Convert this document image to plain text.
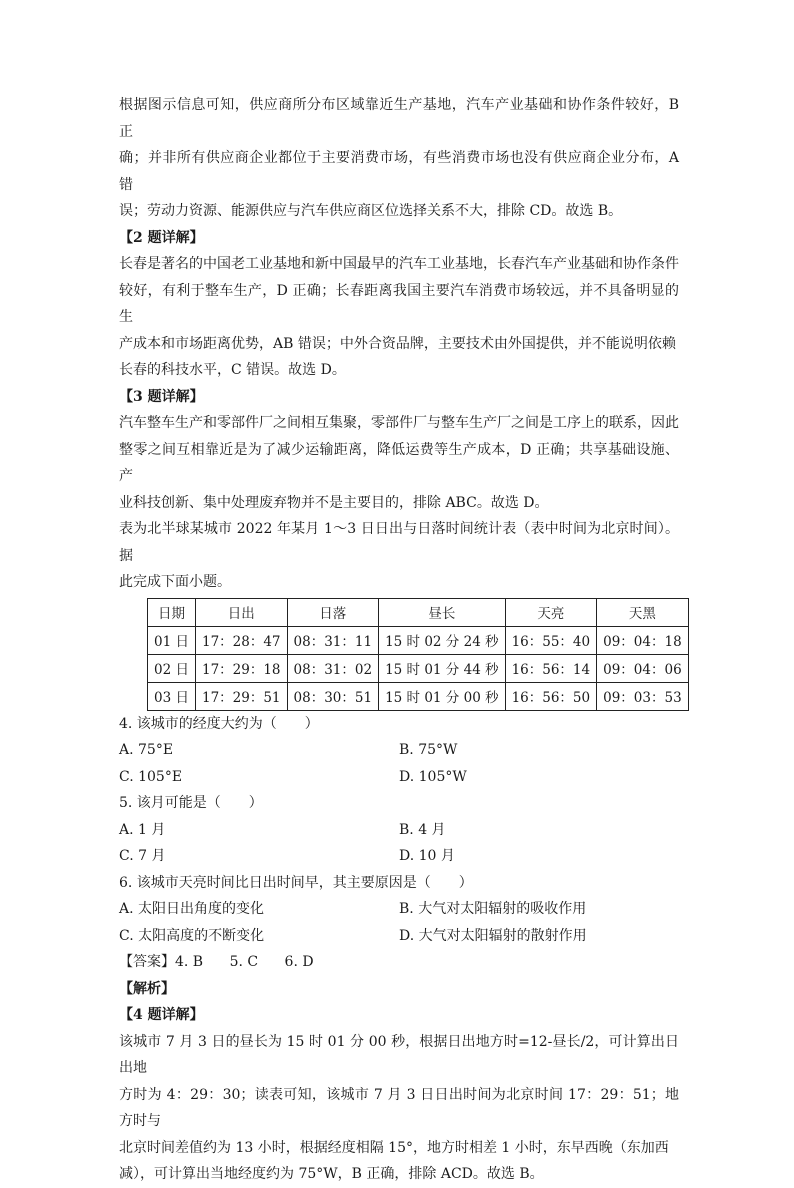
根据图示信息可知，供应商所分布区域靠近生产基地，汽车产业基础和协作条件较好，B 正

确；并非所有供应商企业都位于主要消费市场，有些消费市场也没有供应商企业分布，A 错

误；劳动力资源、能源供应与汽车供应商区位选择关系不大，排除 CD。故选 B。

【2 题详解】

长春是著名的中国老工业基地和新中国最早的汽车工业基地，长春汽车产业基础和协作条件

较好，有利于整车生产，D 正确；长春距离我国主要汽车消费市场较远，并不具备明显的生

产成本和市场距离优势，AB 错误；中外合资品牌，主要技术由外国提供，并不能说明依赖

长春的科技水平，C 错误。故选 D。

【3 题详解】

汽车整车生产和零部件厂之间相互集聚，零部件厂与整车生产厂之间是工序上的联系，因此

整零之间互相靠近是为了减少运输距离，降低运费等生产成本，D 正确；共享基础设施、产

业科技创新、集中处理废弃物并不是主要目的，排除 ABC。故选 D。

表为北半球某城市 2022 年某月 1～3 日日出与日落时间统计表（表中时间为北京时间）。据

此完成下面小题。

日期	日出	日落	昼长	天亮	天黑
01 日	17：28：47	08：31：11	15 时 02 分 24 秒	16：55：40	09：04：18
02 日	17：29：18	08：31：02	15 时 01 分 44 秒	16：56：14	09：04：06
03 日	17：29：51	08：30：51	15 时 01 分 00 秒	16：56：50	09：03：53

4. 该城市的经度大约为（　　）

A. 75°E	B. 75°W
C. 105°E	D. 105°W

5. 该月可能是（　　）

A. 1 月	B. 4 月
C. 7 月	D. 10 月

6. 该城市天亮时间比日出时间早，其主要原因是（　　）

A. 太阳日出角度的变化	B. 大气对太阳辐射的吸收作用
C. 太阳高度的不断变化	D. 大气对太阳辐射的散射作用

【答案】4. B 5. C 6. D

【解析】

【4 题详解】

该城市 7 月 3 日的昼长为 15 时 01 分 00 秒，根据日出地方时=12-昼长/2，可计算出日出地

方时为 4：29：30；读表可知，该城市 7 月 3 日日出时间为北京时间 17：29：51；地方时与

北京时间差值约为 13 小时，根据经度相隔 15°，地方时相差 1 小时，东早西晚（东加西

减），可计算出当地经度约为 75°W，B 正确，排除 ACD。故选 B。
